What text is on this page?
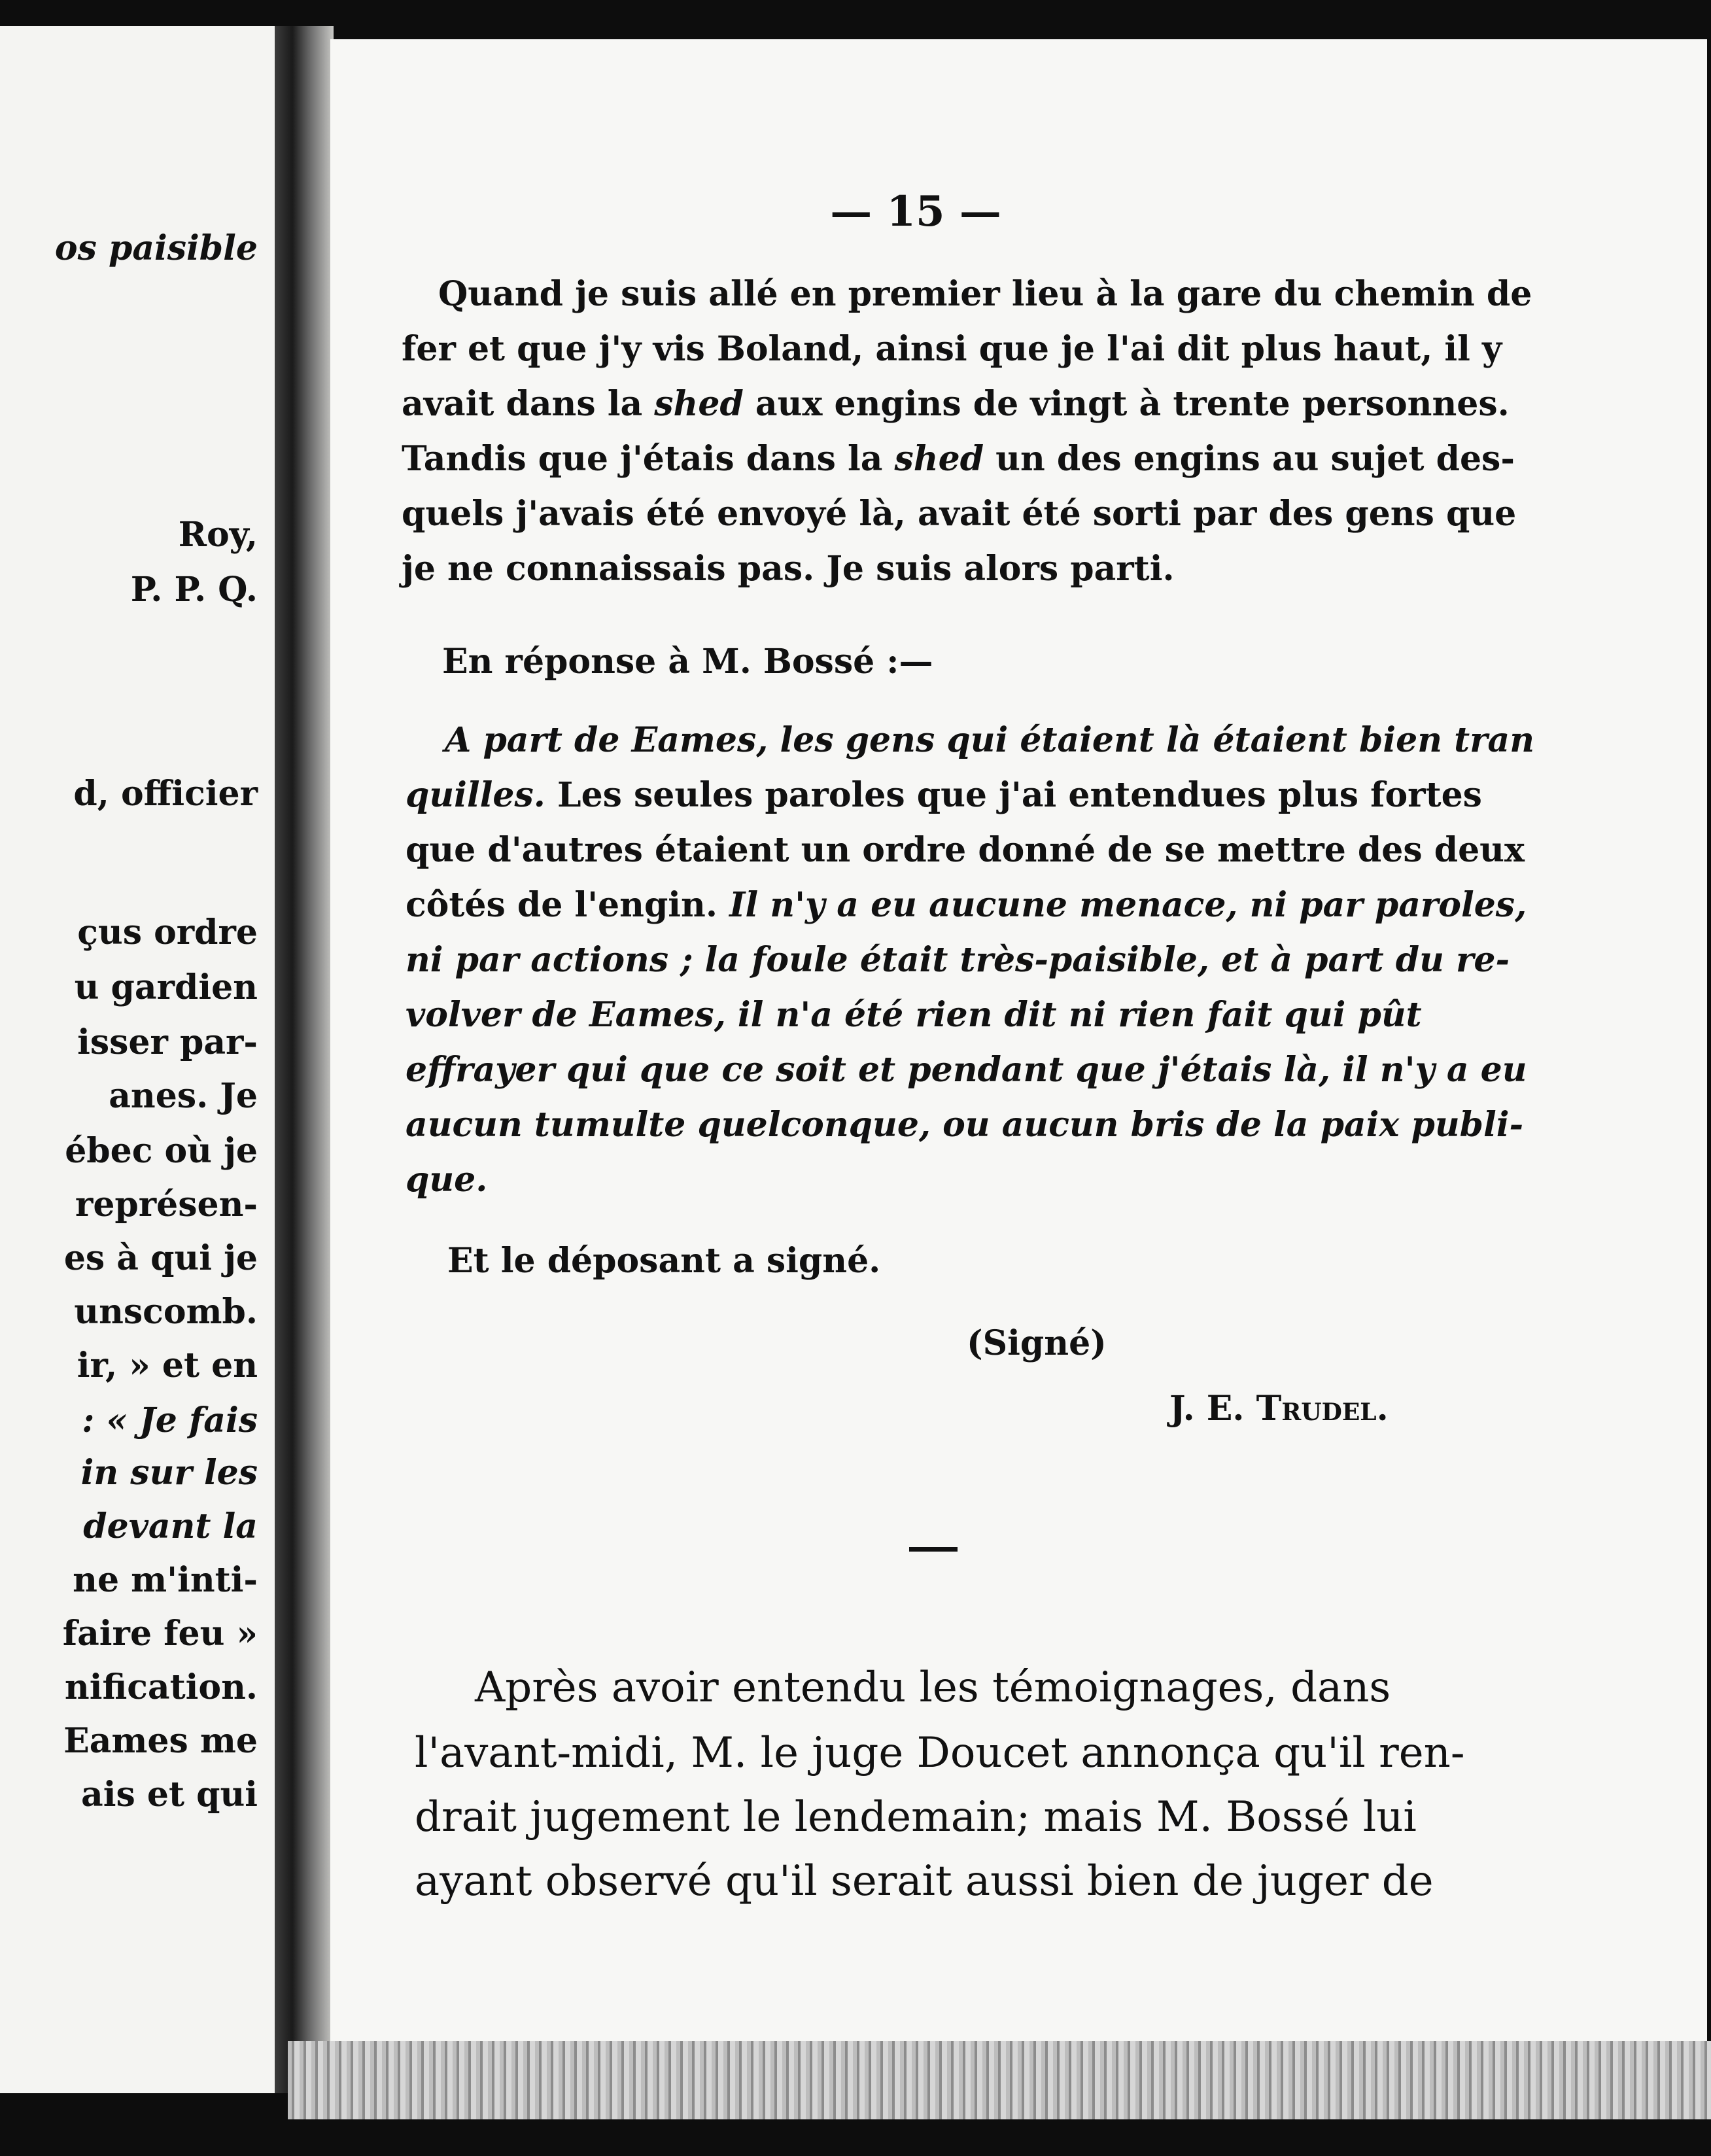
os paisible
Roy,
P. P. Q.
d, officier
çus ordre
u gardien
isser par-
anes. Je
ébec où je
représen-
es à qui je
unscomb.
ir, » et en
: « Je fais
in sur les
devant la
ne m'inti-
faire feu »
nification.
Eames me
ais et qui
— 15 —
Quand je suis allé en premier lieu à la gare du chemin de
fer et que j'y vis Boland, ainsi que je l'ai dit plus haut, il y
avait dans la shed aux engins de vingt à trente personnes.
Tandis que j'étais dans la shed un des engins au sujet des-
quels j'avais été envoyé là, avait été sorti par des gens que
je ne connaissais pas. Je suis alors parti.
En réponse à M. Bossé :—
A part de Eames, les gens qui étaient là étaient bien tran
quilles. Les seules paroles que j'ai entendues plus fortes
que d'autres étaient un ordre donné de se mettre des deux
côtés de l'engin. Il n'y a eu aucune menace, ni par paroles,
ni par actions ; la foule était très-paisible, et à part du re-
volver de Eames, il n'a été rien dit ni rien fait qui pût
effrayer qui que ce soit et pendant que j'étais là, il n'y a eu
aucun tumulte quelconque, ou aucun bris de la paix publi-
que.
Et le déposant a signé.
(Signé)
J. E. Trudel.
Après avoir entendu les témoignages, dans
l'avant-midi, M. le juge Doucet annonça qu'il ren-
drait jugement le lendemain; mais M. Bossé lui
ayant observé qu'il serait aussi bien de juger de
